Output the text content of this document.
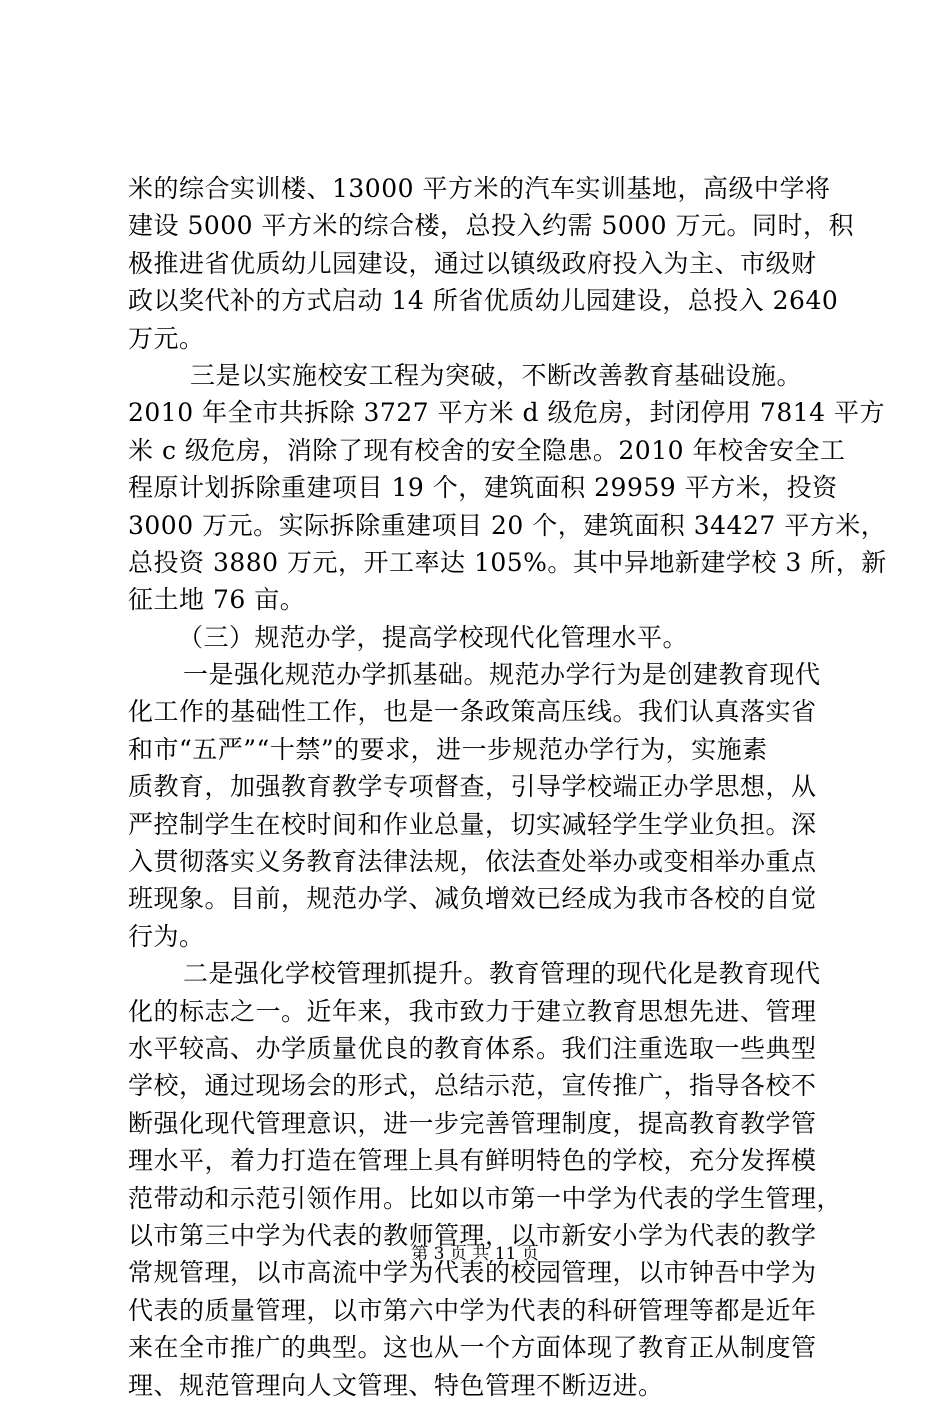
米的综合实训楼、13000 平方米的汽车实训基地，高级中学将
建设 5000 平方米的综合楼，总投入约需 5000 万元。同时，积
极推进省优质幼儿园建设，通过以镇级政府投入为主、市级财
政以奖代补的方式启动 14 所省优质幼儿园建设，总投入 2640
万元。
三是以实施校安工程为突破，不断改善教育基础设施。
2010 年全市共拆除 3727 平方米 d 级危房，封闭停用 7814 平方
米 c 级危房，消除了现有校舍的安全隐患。2010 年校舍安全工
程原计划拆除重建项目 19 个，建筑面积 29959 平方米，投资
3000 万元。实际拆除重建项目 20 个，建筑面积 34427 平方米，
总投资 3880 万元，开工率达 105%。其中异地新建学校 3 所，新
征土地 76 亩。
（三）规范办学，提高学校现代化管理水平。
一是强化规范办学抓基础。规范办学行为是创建教育现代
化工作的基础性工作，也是一条政策高压线。我们认真落实省
和市“五严”“十禁”的要求，进一步规范办学行为，实施素
质教育，加强教育教学专项督查，引导学校端正办学思想，从
严控制学生在校时间和作业总量，切实减轻学生学业负担。深
入贯彻落实义务教育法律法规，依法查处举办或变相举办重点
班现象。目前，规范办学、减负增效已经成为我市各校的自觉
行为。
二是强化学校管理抓提升。教育管理的现代化是教育现代
化的标志之一。近年来，我市致力于建立教育思想先进、管理
水平较高、办学质量优良的教育体系。我们注重选取一些典型
学校，通过现场会的形式，总结示范，宣传推广，指导各校不
断强化现代管理意识，进一步完善管理制度，提高教育教学管
理水平，着力打造在管理上具有鲜明特色的学校，充分发挥模
范带动和示范引领作用。比如以市第一中学为代表的学生管理，
以市第三中学为代表的教师管理，以市新安小学为代表的教学
常规管理，以市高流中学为代表的校园管理，以市钟吾中学为
代表的质量管理，以市第六中学为代表的科研管理等都是近年
来在全市推广的典型。这也从一个方面体现了教育正从制度管
理、规范管理向人文管理、特色管理不断迈进。
第 3 页 共 11 页
